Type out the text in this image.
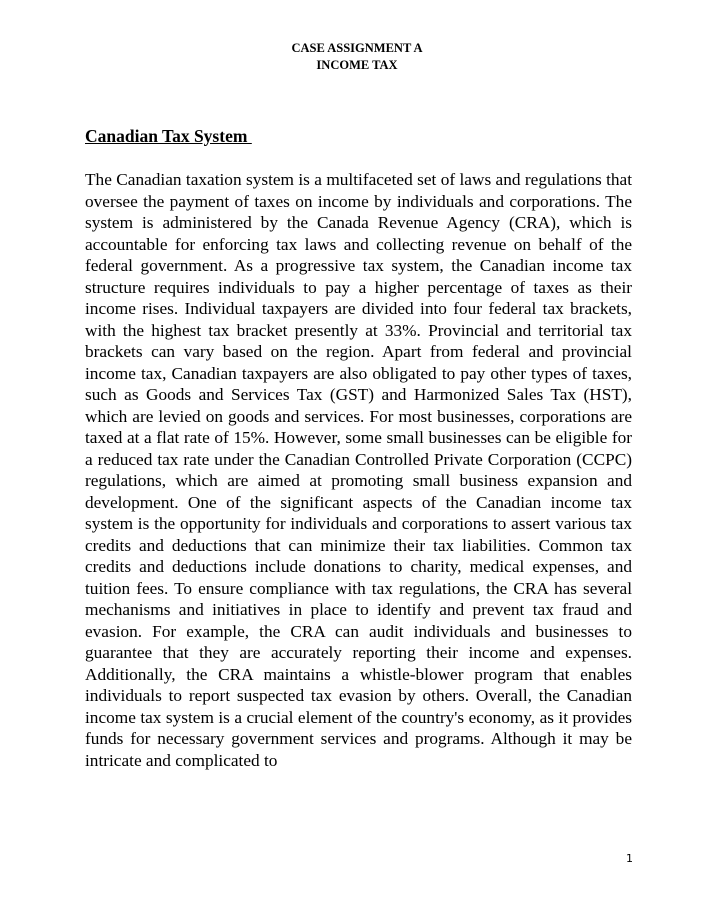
CASE ASSIGNMENT A
INCOME TAX
Canadian Tax System

The Canadian taxation system is a multifaceted set of laws and regulations that oversee the payment of taxes on income by individuals and corporations. The system is administered by the Canada Revenue Agency (CRA), which is accountable for enforcing tax laws and collecting revenue on behalf of the federal government. As a progressive tax system, the Canadian income tax structure requires individuals to pay a higher percentage of taxes as their income rises. Individual taxpayers are divided into four federal tax brackets, with the highest tax bracket presently at 33%. Provincial and territorial tax brackets can vary based on the region. Apart from federal and provincial income tax, Canadian taxpayers are also obligated to pay other types of taxes, such as Goods and Services Tax (GST) and Harmonized Sales Tax (HST), which are levied on goods and services. For most businesses, corporations are taxed at a flat rate of 15%. However, some small businesses can be eligible for a reduced tax rate under the Canadian Controlled Private Corporation (CCPC) regulations, which are aimed at promoting small business expansion and development. One of the significant aspects of the Canadian income tax system is the opportunity for individuals and corporations to assert various tax credits and deductions that can minimize their tax liabilities. Common tax credits and deductions include donations to charity, medical expenses, and tuition fees. To ensure compliance with tax regulations, the CRA has several mechanisms and initiatives in place to identify and prevent tax fraud and evasion. For example, the CRA can audit individuals and businesses to guarantee that they are accurately reporting their income and expenses. Additionally, the CRA maintains a whistle-blower program that enables individuals to report suspected tax evasion by others. Overall, the Canadian income tax system is a crucial element of the country's economy, as it provides funds for necessary government services and programs. Although it may be intricate and complicated to

1
